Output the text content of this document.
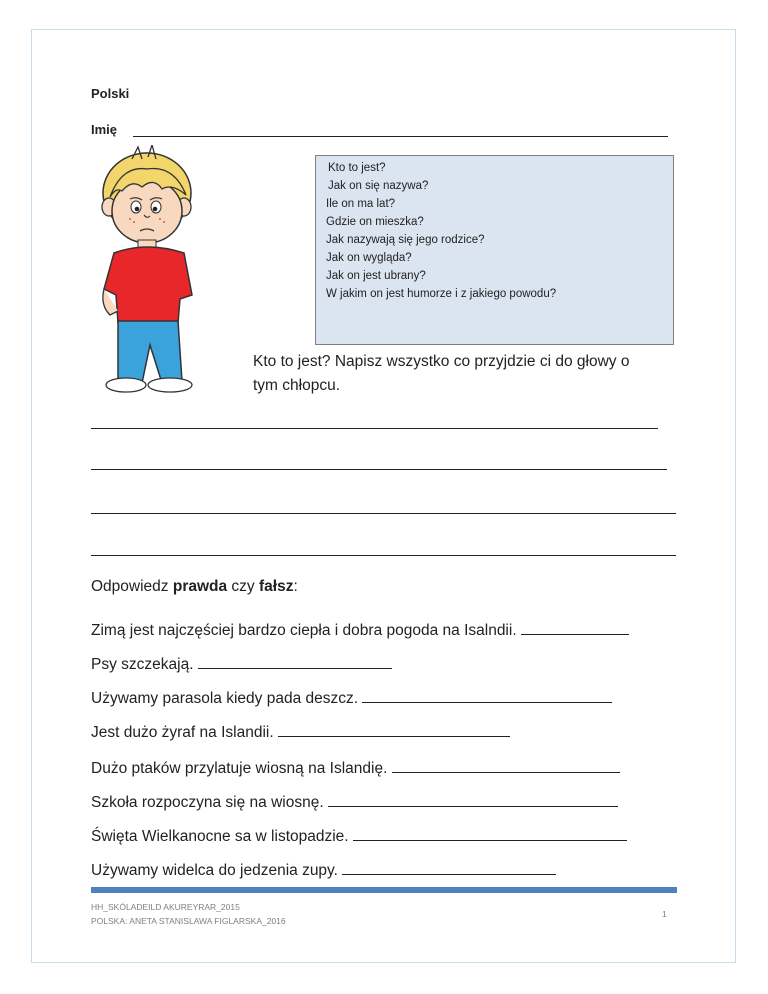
Polski
Imię
Kto to jest?
Jak on się nazywa?
Ile on ma lat?
Gdzie on mieszka?
Jak nazywają się jego rodzice?
Jak on wygląda?
Jak on jest ubrany?
W jakim on jest humorze i z jakiego powodu?
Kto to jest? Napisz wszystko co przyjdzie ci do głowy o
tym chłopcu.
Odpowiedz prawda czy fałsz:
Zimą jest najczęściej bardzo ciepła i dobra pogoda na Isalndii.
Psy szczekają.
Używamy parasola kiedy pada deszcz.
Jest dużo żyraf na Islandii.
Dużo ptaków przylatuje wiosną na Islandię.
Szkoła rozpoczyna się na wiosnę.
Święta Wielkanocne sa w listopadzie.
Używamy widelca do jedzenia zupy.
HH_SKÓLADEILD AKUREYRAR_2015
POLSKA: ANETA STANISLAWA FIGLARSKA_2016
1
